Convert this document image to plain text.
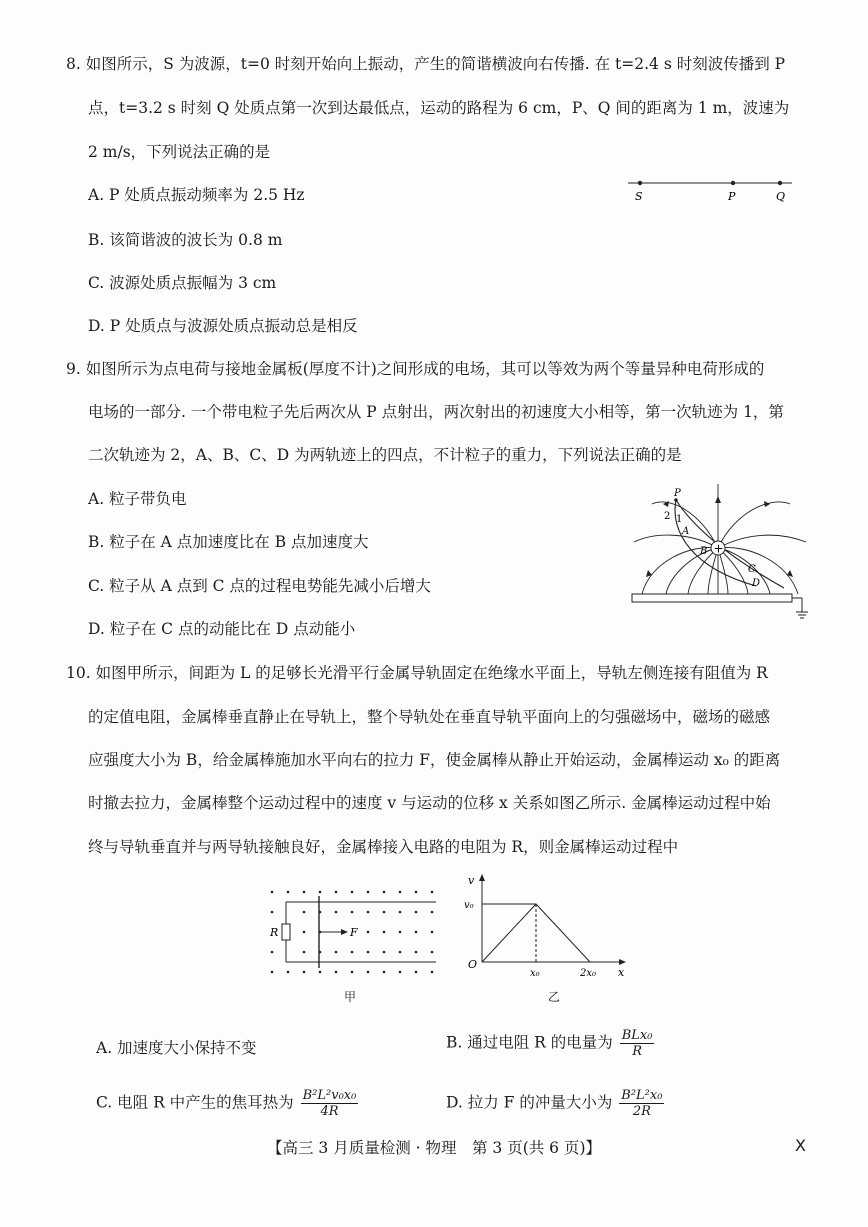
8. 如图所示，S 为波源，t=0 时刻开始向上振动，产生的简谐横波向右传播. 在 t=2.4 s 时刻波传播到 P
点，t=3.2 s 时刻 Q 处质点第一次到达最低点，运动的路程为 6 cm，P、Q 间的距离为 1 m，波速为
2 m/s，下列说法正确的是
A. P 处质点振动频率为 2.5 Hz
B. 该简谐波的波长为 0.8 m
C. 波源处质点振幅为 3 cm
D. P 处质点与波源处质点振动总是相反
S	P	Q
9. 如图所示为点电荷与接地金属板(厚度不计)之间形成的电场，其可以等效为两个等量异种电荷形成的
电场的一部分. 一个带电粒子先后两次从 P 点射出，两次射出的初速度大小相等，第一次轨迹为 1，第
二次轨迹为 2，A、B、C、D 为两轨迹上的四点，不计粒子的重力，下列说法正确的是
A. 粒子带负电
B. 粒子在 A 点加速度比在 B 点加速度大
C. 粒子从 A 点到 C 点的过程电势能先减小后增大
D. 粒子在 C 点的动能比在 D 点动能小
+
P
2 1
A
B
C
D
10. 如图甲所示，间距为 L 的足够长光滑平行金属导轨固定在绝缘水平面上，导轨左侧连接有阻值为 R
的定值电阻，金属棒垂直静止在导轨上，整个导轨处在垂直导轨平面向上的匀强磁场中，磁场的磁感
应强度大小为 B，给金属棒施加水平向右的拉力 F，使金属棒从静止开始运动，金属棒运动 x₀ 的距离
时撤去拉力，金属棒整个运动过程中的速度 v 与运动的位移 x 关系如图乙所示. 金属棒运动过程中始
终与导轨垂直并与两导轨接触良好，金属棒接入电路的电阻为 R，则金属棒运动过程中
R	F
甲
v
v₀
O
x₀	2x₀ x
乙
A. 加速度大小保持不变	B. 通过电阻 R 的电量为 $\frac{\text{BLx₀}}{R}$
C. 电阻 R 中产生的焦耳热为 $\frac{\text{B²L²v₀x₀}}{4R}$	D. 拉力 F 的冲量大小为 $\frac{\text{B²L²x₀}}{2R}$
【高三 3 月质量检测 · 物理　第 3 页(共 6 页)】	X
